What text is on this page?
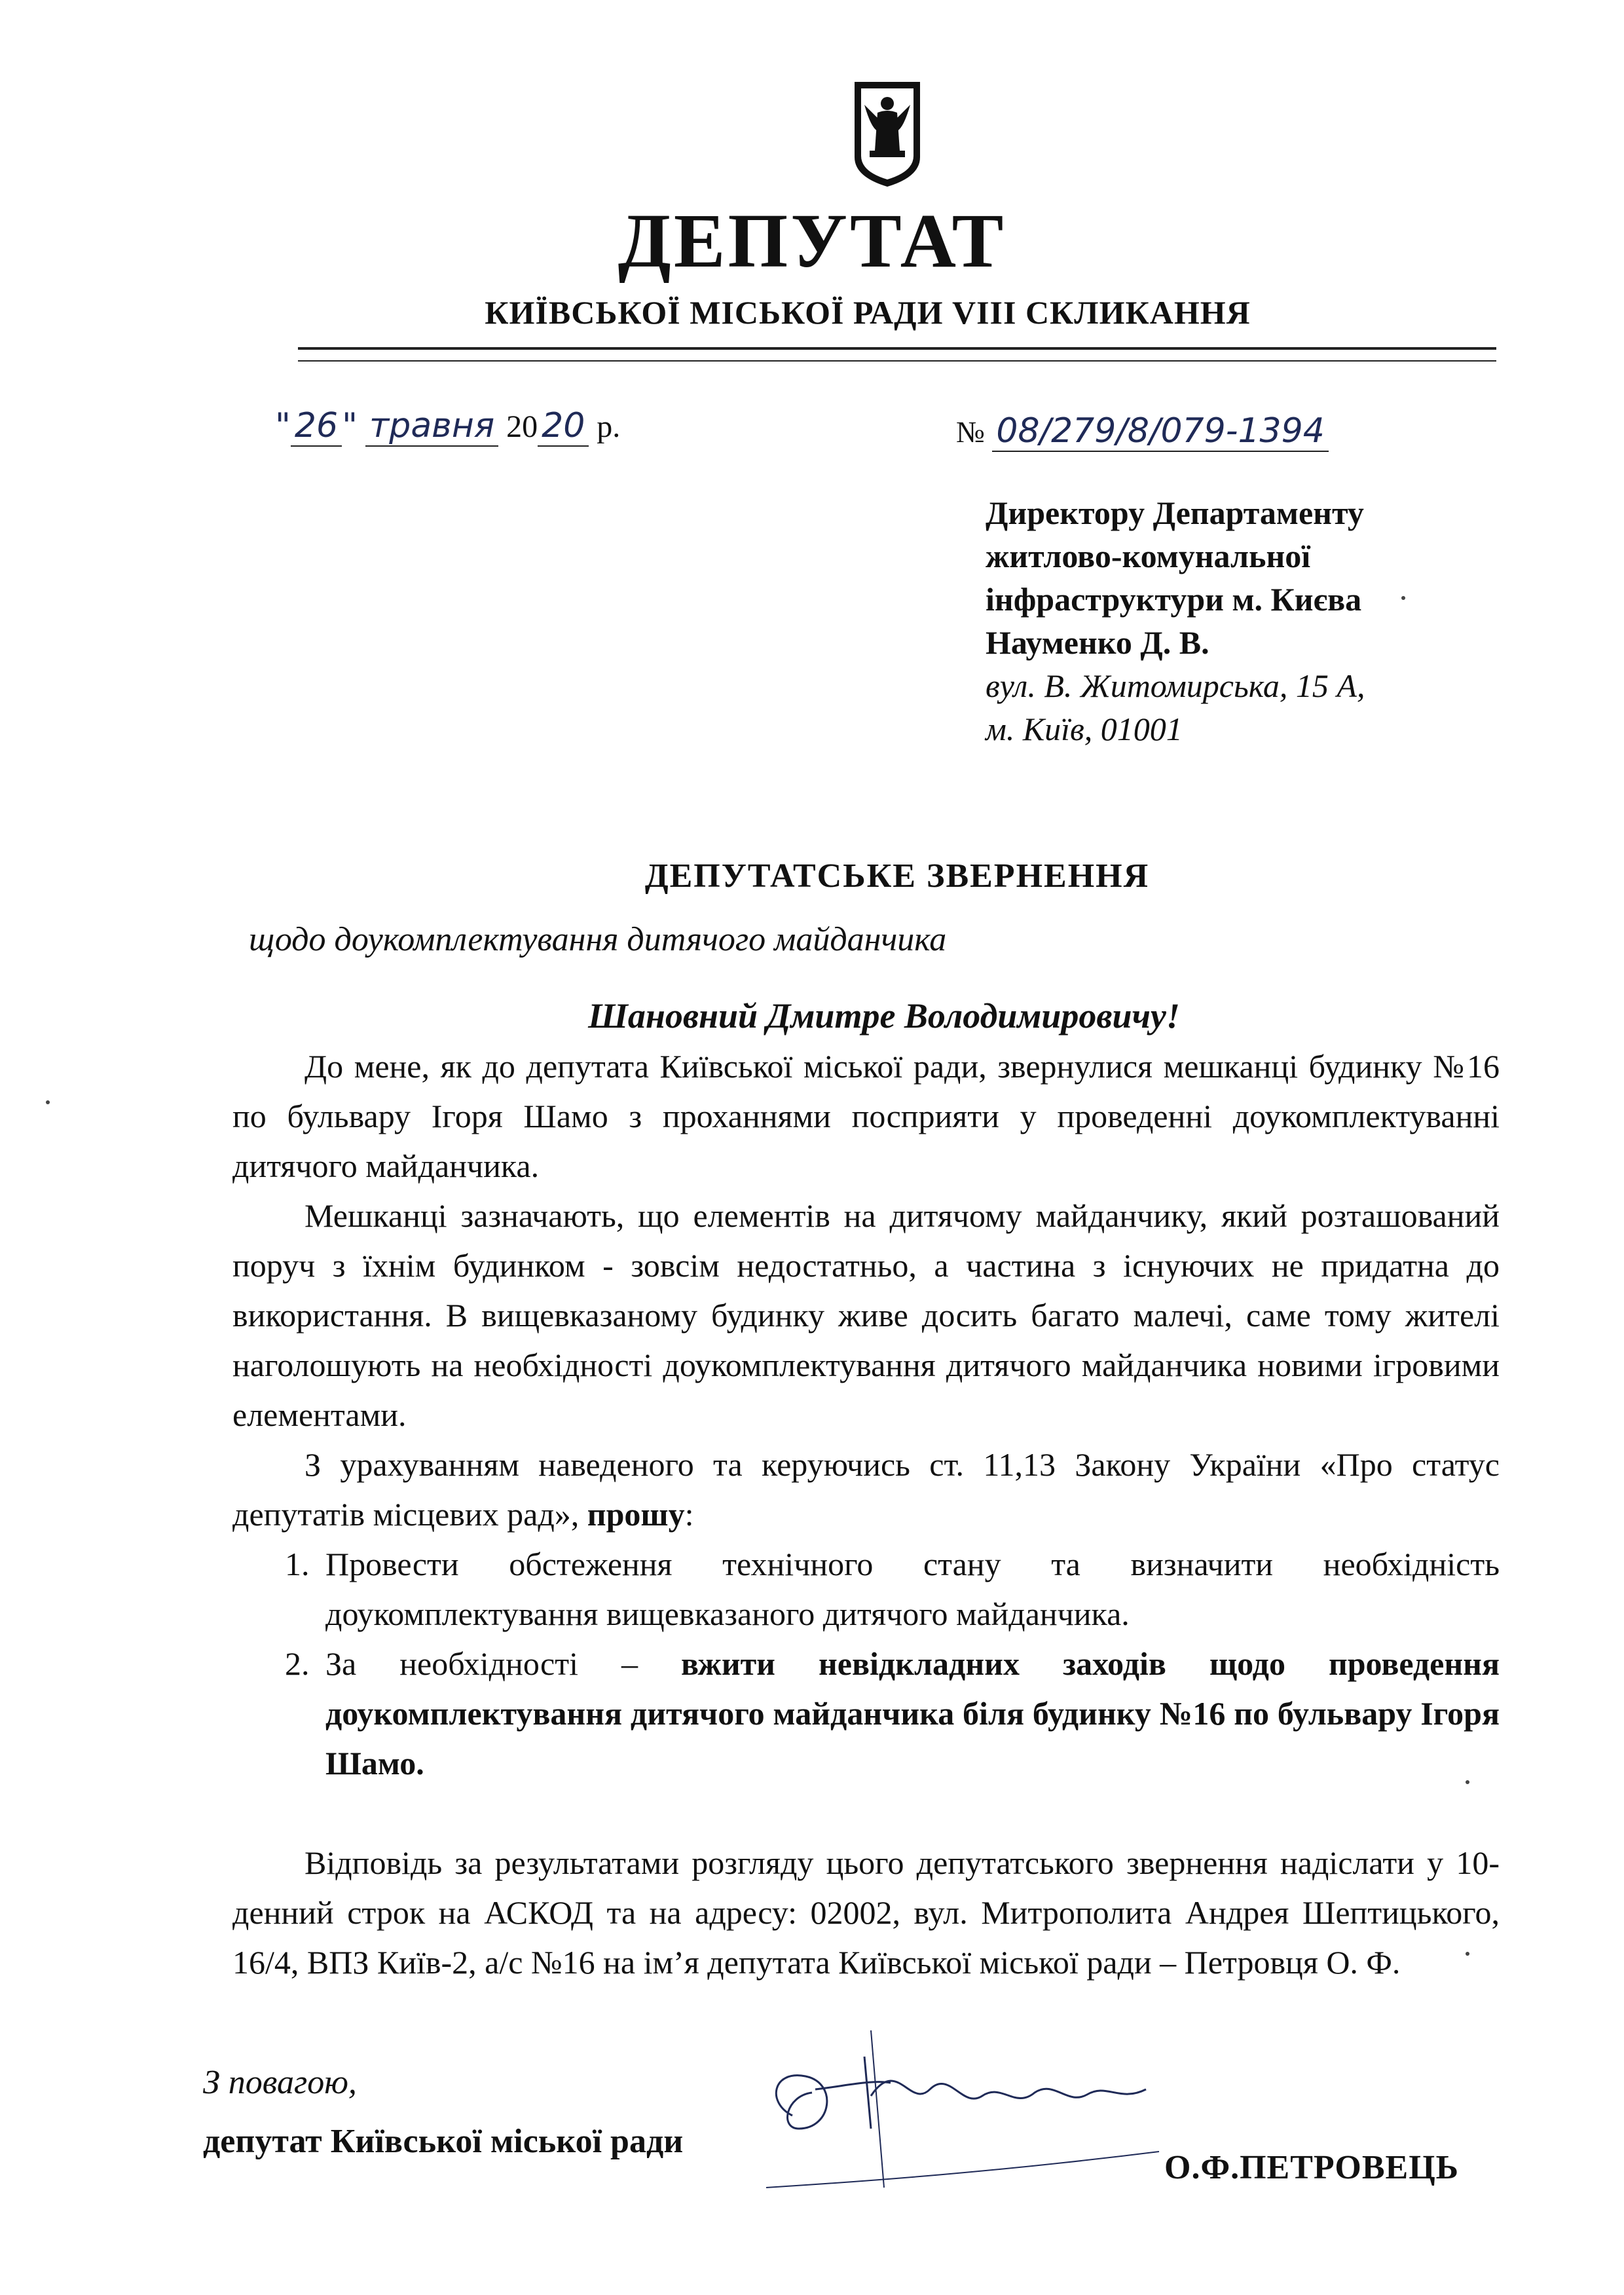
ДЕПУТАТ
КИЇВСЬКОЇ МІСЬКОЇ РАДИ VIII СКЛИКАННЯ
" 26 " травня 20 20 р.	№ 08/279/8/079-1394
Директору Департаменту
житлово-комунальної
інфраструктури м. Києва
Науменко Д. В.
вул. В. Житомирська, 15 А,
м. Київ, 01001
ДЕПУТАТСЬКЕ ЗВЕРНЕННЯ
щодо доукомплектування дитячого майданчика
Шановний Дмитре Володимировичу!

До мене, як до депутата Київської міської ради, звернулися мешканці будинку №16 по бульвару Ігоря Шамо з проханнями посприяти у проведенні доукомплектуванні дитячого майданчика.

Мешканці зазначають, що елементів на дитячому майданчику, який розташований поруч з їхнім будинком - зовсім недостатньо, а частина з існуючих не придатна до використання. В вищевказаному будинку живе досить багато малечі, саме тому жителі наголошують на необхідності доукомплектування дитячого майданчика новими ігровими елементами.

З урахуванням наведеного та керуючись ст. 11,13 Закону України «Про статус депутатів місцевих рад», прошу:

1. Провести обстеження технічного стану та визначити необхідність доукомплектування вищевказаного дитячого майданчика.
2. За необхідності – вжити невідкладних заходів щодо проведення доукомплектування дитячого майданчика біля будинку №16 по бульвару Ігоря Шамо.

Відповідь за результатами розгляду цього депутатського звернення надіслати у 10-денний строк на АСКОД та на адресу: 02002, вул. Митрополита Андрея Шептицького, 16/4, ВПЗ Київ-2, а/с №16 на ім’я депутата Київської міської ради – Петровця О. Ф.

З повагою,
депутат Київської міської ради
О.Ф.ПЕТРОВЕЦЬ
